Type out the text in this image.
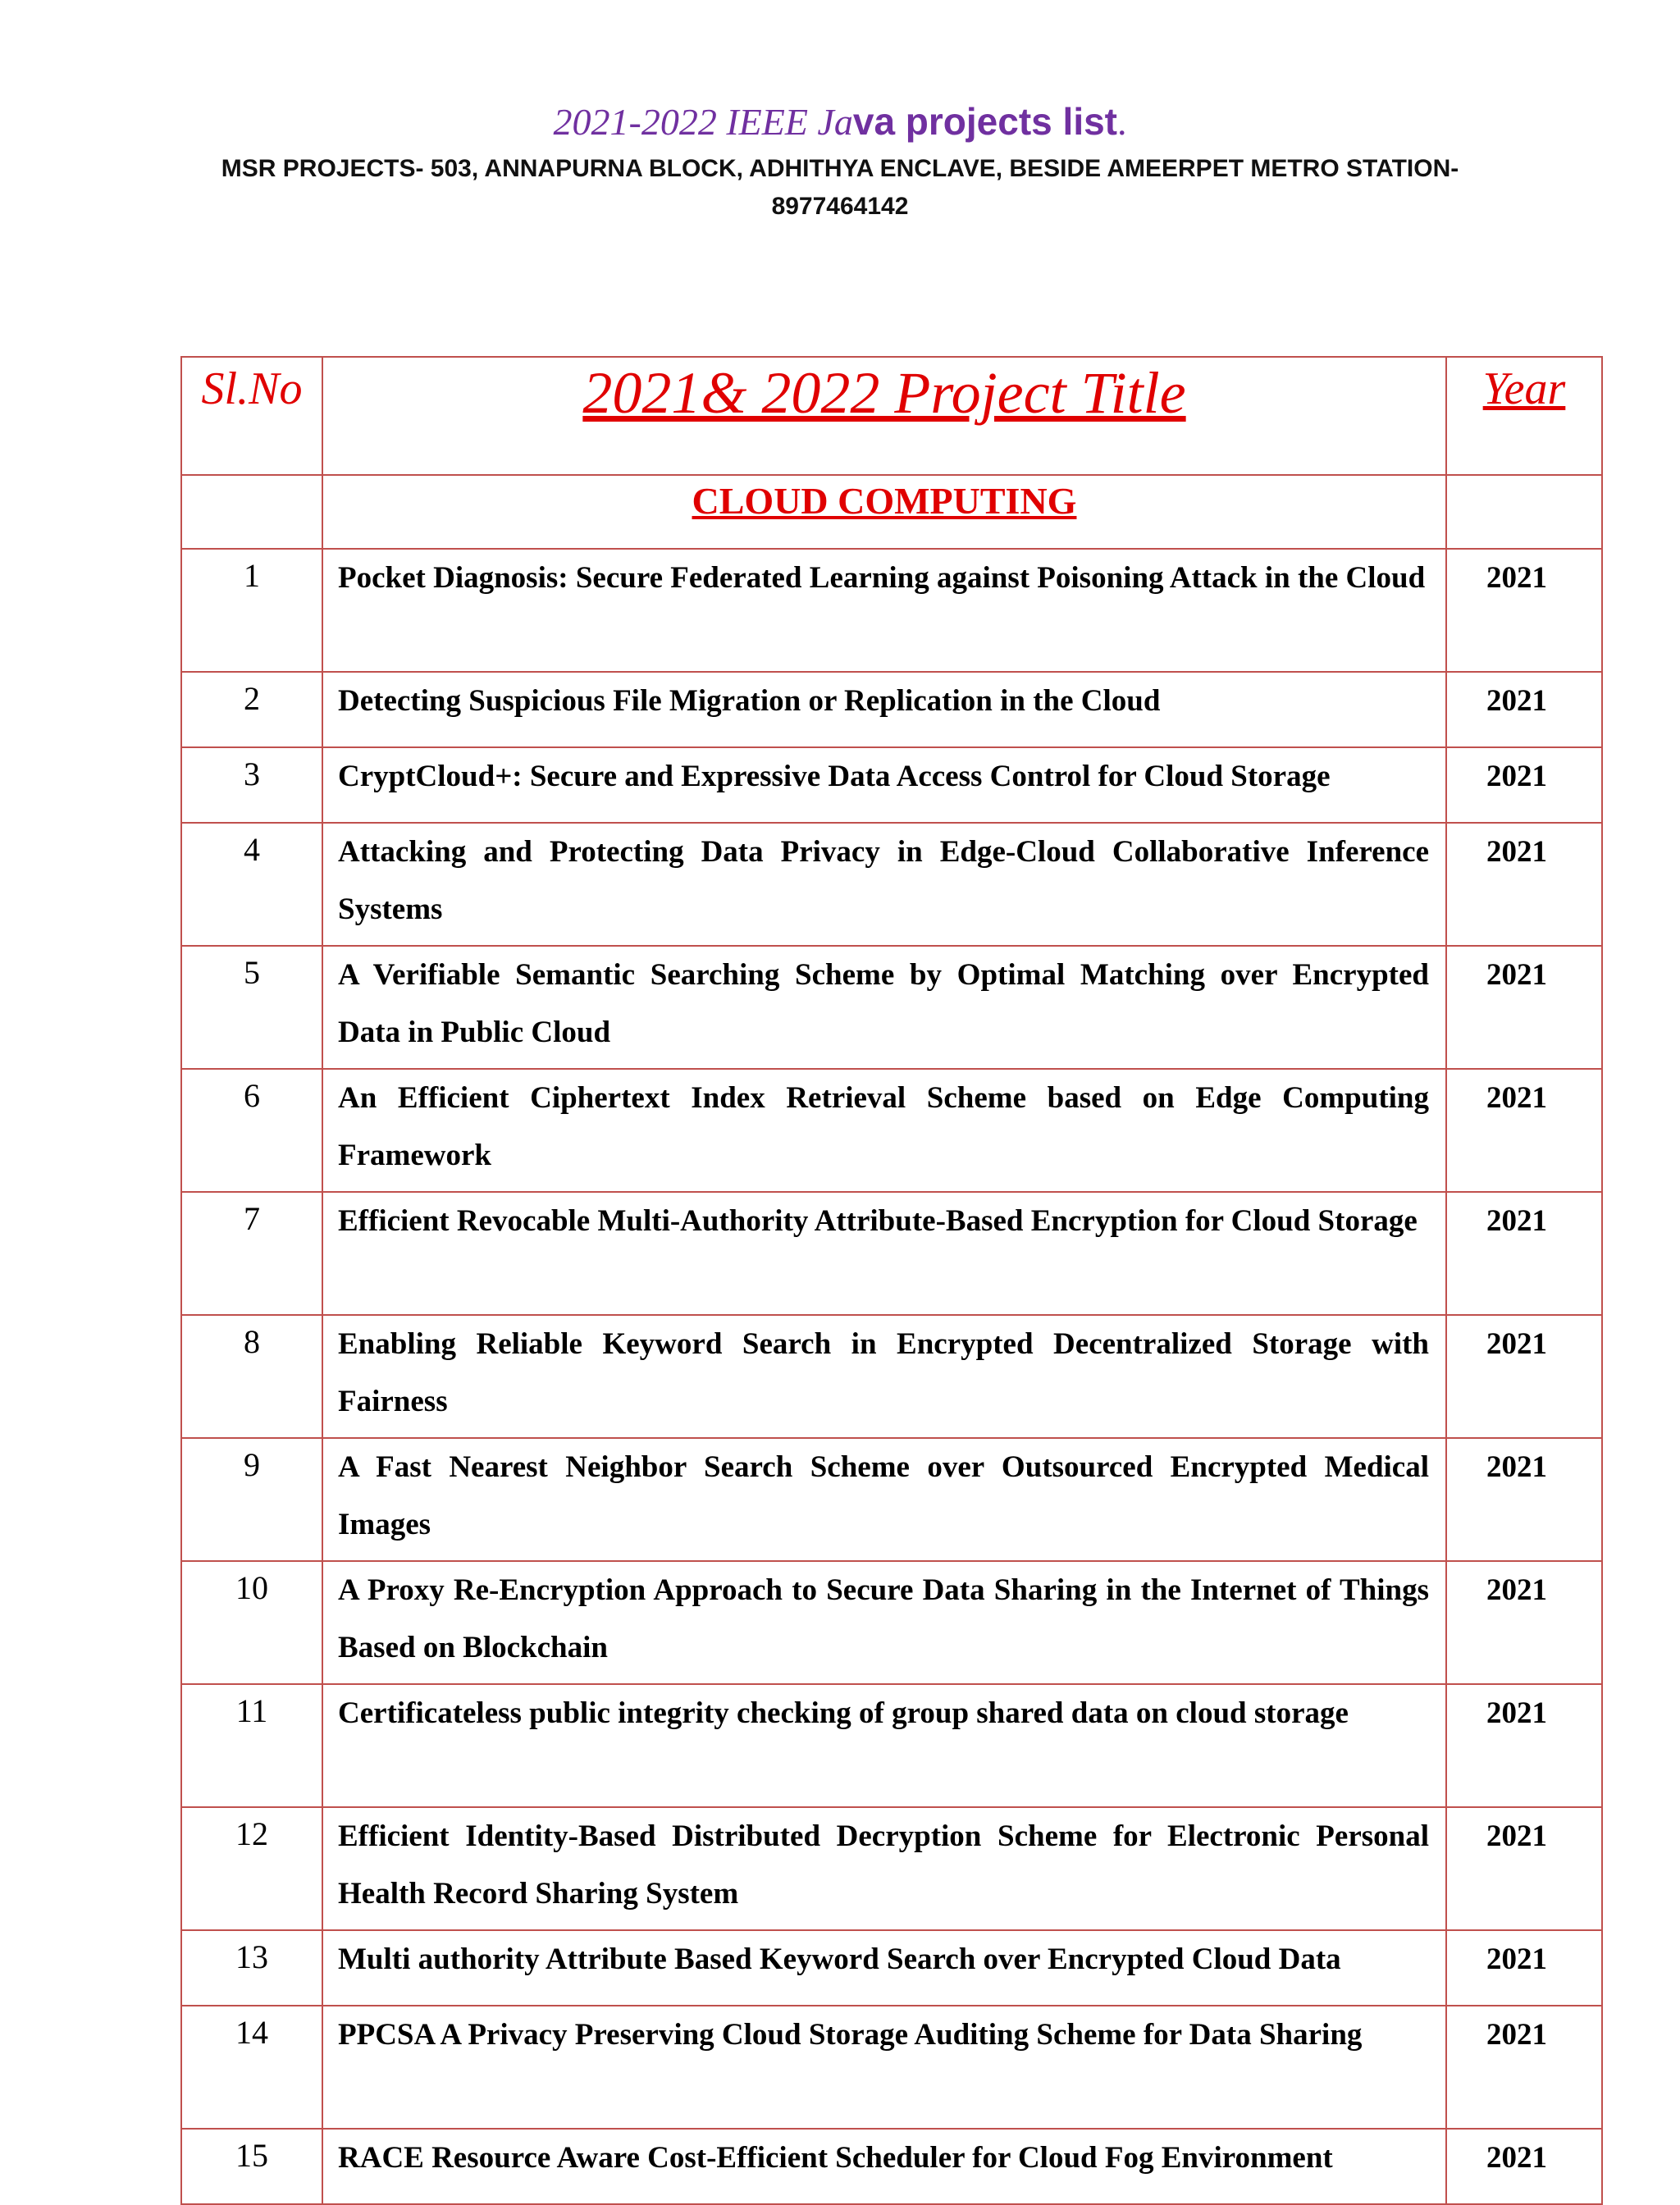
2021-2022 IEEE Java projects list.

MSR PROJECTS- 503, ANNAPURNA BLOCK, ADHITHYA ENCLAVE, BESIDE AMEERPET METRO STATION-
8977464142
Sl.No	2021& 2022 Project Title	Year
	CLOUD COMPUTING	
1	Pocket Diagnosis: Secure Federated Learning against Poisoning Attack in the Cloud	2021
2	Detecting Suspicious File Migration or Replication in the Cloud	2021
3	CryptCloud+: Secure and Expressive Data Access Control for Cloud Storage	2021
4	Attacking and Protecting Data Privacy in Edge-Cloud Collaborative Inference Systems	2021
5	A Verifiable Semantic Searching Scheme by Optimal Matching over Encrypted Data in Public Cloud	2021
6	An Efficient Ciphertext Index Retrieval Scheme based on Edge Computing Framework	2021
7	Efficient Revocable Multi-Authority Attribute-Based Encryption for Cloud Storage	2021
8	Enabling Reliable Keyword Search in Encrypted Decentralized Storage with Fairness	2021
9	A Fast Nearest Neighbor Search Scheme over Outsourced Encrypted Medical Images	2021
10	A Proxy Re-Encryption Approach to Secure Data Sharing in the Internet of Things Based on Blockchain	2021
11	Certificateless public integrity checking of group shared data on cloud storage	2021
12	Efficient Identity-Based Distributed Decryption Scheme for Electronic Personal Health Record Sharing System	2021
13	Multi authority Attribute Based Keyword Search over Encrypted Cloud Data	2021
14	PPCSA A Privacy Preserving Cloud Storage Auditing Scheme for Data Sharing	2021
15	RACE Resource Aware Cost-Efficient Scheduler for Cloud Fog Environment	2021
